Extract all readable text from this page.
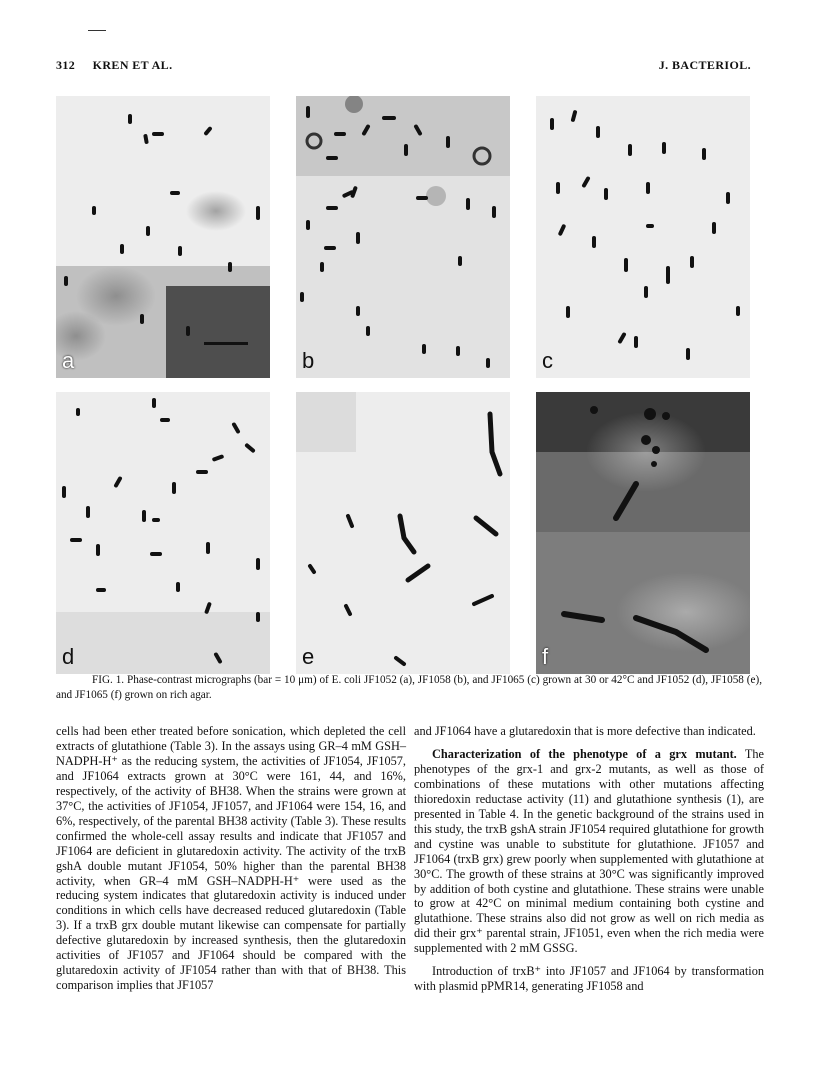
312 KREN ET AL.	J. BACTERIOL.
a	b	c
d	e	f
FIG. 1. Phase-contrast micrographs (bar = 10 μm) of E. coli JF1052 (a), JF1058 (b), and JF1065 (c) grown at 30 or 42°C and JF1052 (d), JF1058 (e), and JF1065 (f) grown on rich agar.

cells had been ether treated before sonication, which depleted the cell extracts of glutathione (Table 3). In the assays using GR–4 mM GSH–NADPH-H⁺ as the reducing system, the activities of JF1054, JF1057, and JF1064 extracts grown at 30°C were 161, 44, and 16%, respectively, of the activity of BH38. When the strains were grown at 37°C, the activities of JF1054, JF1057, and JF1064 were 154, 16, and 6%, respectively, of the parental BH38 activity (Table 3). These results confirmed the whole-cell assay results and indicate that JF1057 and JF1064 are deficient in glutaredoxin activity. The activity of the trxB gshA double mutant JF1054, 50% higher than the parental BH38 activity, when GR–4 mM GSH–NADPH-H⁺ were used as the reducing system indicates that glutaredoxin activity is induced under conditions in which cells have decreased reduced glutaredoxin (Table 3). If a trxB grx double mutant likewise can compensate for partially defective glutaredoxin by increased synthesis, then the glutaredoxin activities of JF1057 and JF1064 should be compared with the glutaredoxin activity of JF1054 rather than with that of BH38. This comparison implies that JF1057

and JF1064 have a glutaredoxin that is more defective than indicated.

Characterization of the phenotype of a grx mutant. The phenotypes of the grx-1 and grx-2 mutants, as well as those of combinations of these mutations with other mutations affecting thioredoxin reductase activity (11) and glutathione synthesis (1), are presented in Table 4. In the genetic background of the strains used in this study, the trxB gshA strain JF1054 required glutathione for growth and cystine was unable to substitute for glutathione. JF1057 and JF1064 (trxB grx) grew poorly when supplemented with glutathione at 30°C. The growth of these strains at 30°C was significantly improved by addition of both cystine and glutathione. These strains were unable to grow at 42°C on minimal medium containing both cystine and glutathione. These strains also did not grow as well on rich media as did their grx⁺ parental strain, JF1051, even when the rich media were supplemented with 2 mM GSSG.

Introduction of trxB⁺ into JF1057 and JF1064 by transformation with plasmid pPMR14, generating JF1058 and
